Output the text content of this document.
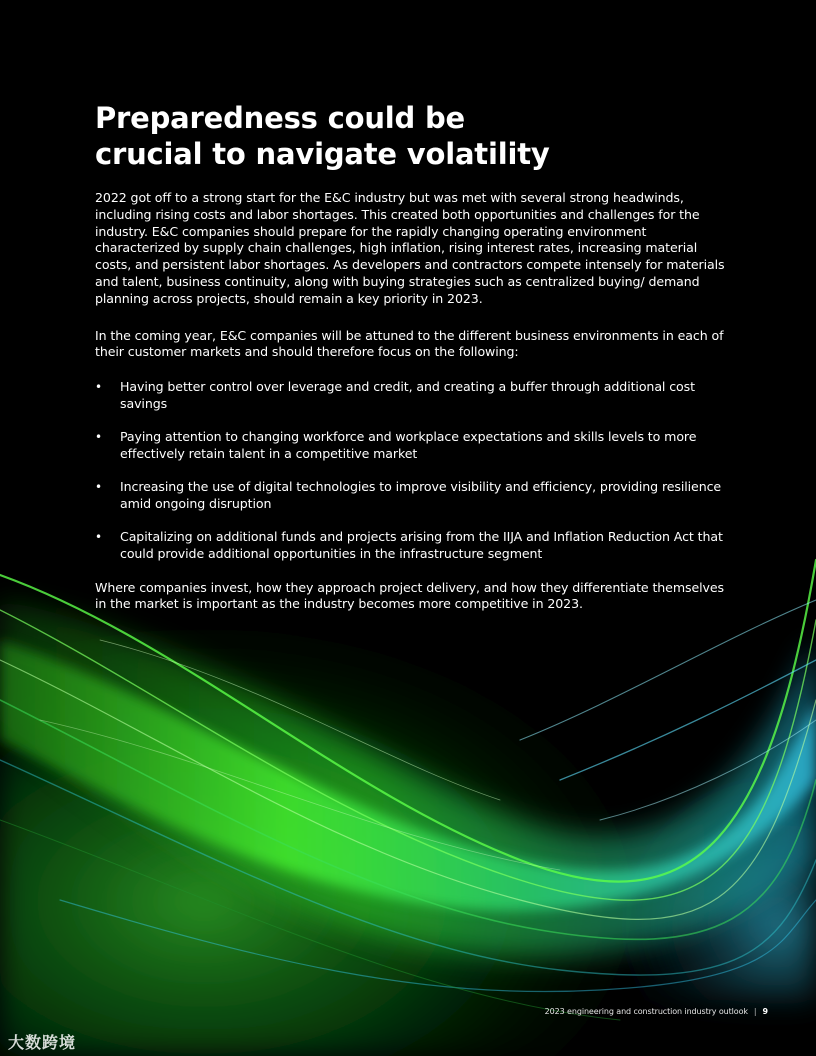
Preparedness could be
crucial to navigate volatility

2022 got off to a strong start for the E&C industry but was met with several strong headwinds, including rising costs and labor shortages. This created both opportunities and challenges for the industry. E&C companies should prepare for the rapidly changing operating environment characterized by supply chain challenges, high inflation, rising interest rates, increasing material costs, and persistent labor shortages. As developers and contractors compete intensely for materials and talent, business continuity, along with buying strategies such as centralized buying/ demand planning across projects, should remain a key priority in 2023.

In the coming year, E&C companies will be attuned to the different business environments in each of their customer markets and should therefore focus on the following:

• Having better control over leverage and credit, and creating a buffer through additional cost savings
• Paying attention to changing workforce and workplace expectations and skills levels to more effectively retain talent in a competitive market
• Increasing the use of digital technologies to improve visibility and efficiency, providing resilience amid ongoing disruption
• Capitalizing on additional funds and projects arising from the IIJA and Inflation Reduction Act that could provide additional opportunities in the infrastructure segment

Where companies invest, how they approach project delivery, and how they differentiate themselves in the market is important as the industry becomes more competitive in 2023.

2023 engineering and construction industry outlook | 9
大数跨境
